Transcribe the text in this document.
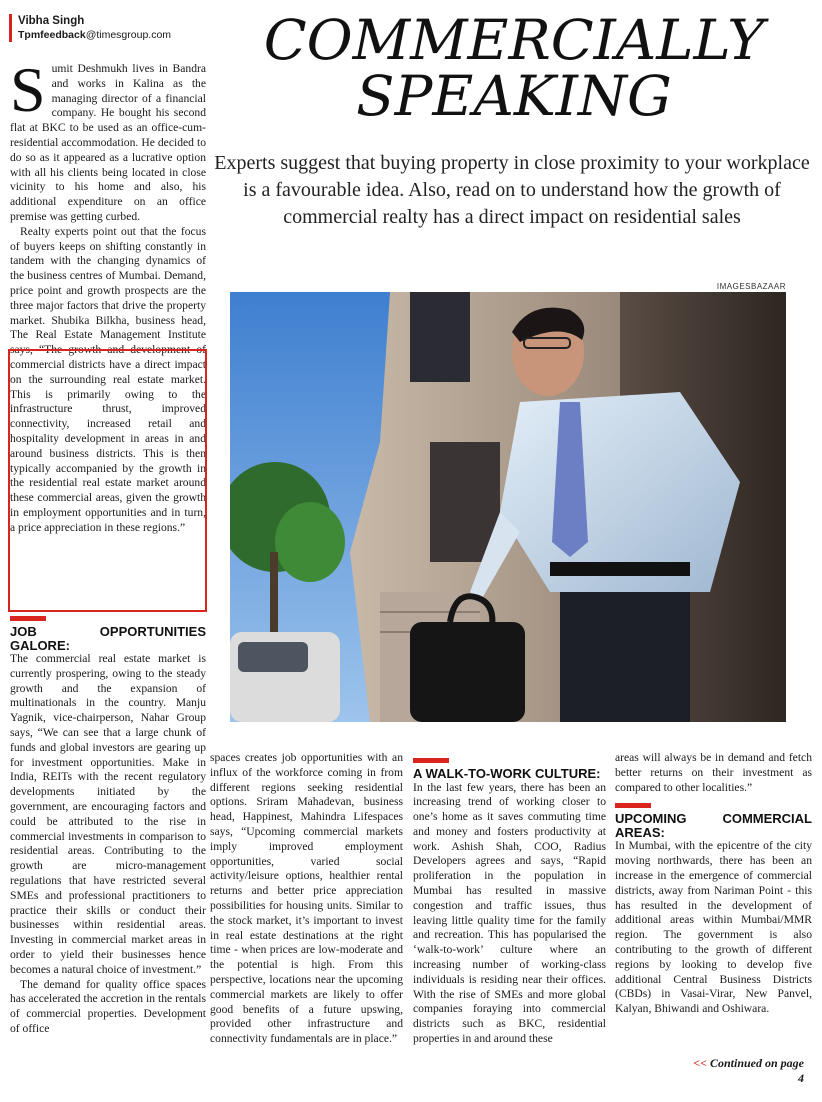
Vibha Singh
Tpmfeedback@timesgroup.com	COMMERCIALLY
SPEAKING
Experts suggest that buying property in close proximity to your workplace is a favourable idea. Also, read on to understand how the growth of commercial realty has a direct impact on residential sales

Sumit Deshmukh lives in Bandra and works in Kalina as the managing director of a financial company. He bought his second flat at BKC to be used as an office-cum-residential accommodation. He decided to do so as it appeared as a lucrative option with all his clients being located in close vicinity to his home and also, his additional expenditure on an office premise was getting curbed.

Realty experts point out that the focus of buyers keeps on shifting constantly in tandem with the changing dynamics of the business centres of Mumbai. Demand, price point and growth prospects are the three major factors that drive the property market. Shubika Bilkha, business head, The Real Estate Management Institute says, “The growth and development of commercial districts have a direct impact on the surrounding real estate market. This is primarily owing to the infrastructure thrust, improved connectivity, increased retail and hospitality development in areas in and around business districts. This is then typically accompanied by the growth in the residential real estate market around these commercial areas, given the growth in employment opportunities and in turn, a price appreciation in these regions.”

JOB OPPORTUNITIES GALORE:

The commercial real estate market is currently prospering, owing to the steady growth and the expansion of multinationals in the country. Manju Yagnik, vice-chairperson, Nahar Group says, “We can see that a large chunk of funds and global investors are gearing up for investment opportunities. Make in India, REITs with the recent regulatory developments initiated by the government, are encouraging factors and could be attributed to the rise in commercial investments in comparison to residential areas. Contributing to the growth are micro-management regulations that have restricted several SMEs and professional practitioners to practice their skills or conduct their businesses within residential areas. Investing in commercial market areas in order to yield their businesses hence becomes a natural choice of investment.”

The demand for quality office spaces has accelerated the accretion in the rentals of commercial properties. Development of office

spaces creates job opportunities with an influx of the workforce coming in from different regions seeking residential options. Sriram Mahadevan, business head, Happinest, Mahindra Lifespaces says, “Upcoming commercial markets imply improved employment opportunities, varied social activity/leisure options, healthier rental returns and better price appreciation possibilities for housing units. Similar to the stock market, it’s important to invest in real estate destinations at the right time - when prices are low-moderate and the potential is high. From this perspective, locations near the upcoming commercial markets are likely to offer good benefits of a future upswing, provided other infrastructure and connectivity fundamentals are in place.”

A WALK-TO-WORK CULTURE:

In the last few years, there has been an increasing trend of working closer to one’s home as it saves commuting time and money and fosters productivity at work. Ashish Shah, COO, Radius Developers agrees and says, “Rapid proliferation in the population in Mumbai has resulted in massive congestion and traffic issues, thus leaving little quality time for the family and recreation. This has popularised the ‘walk-to-work’ culture where an increasing number of working-class individuals is residing near their offices. With the rise of SMEs and more global companies foraying into commercial districts such as BKC, residential properties in and around these

areas will always be in demand and fetch better returns on their investment as compared to other localities.”

UPCOMING COMMERCIAL AREAS:

In Mumbai, with the epicentre of the city moving northwards, there has been an increase in the emergence of commercial districts, away from Nariman Point - this has resulted in the development of additional areas within Mumbai/MMR region. The government is also contributing to the growth of different regions by looking to develop five additional Central Business Districts (CBDs) in Vasai-Virar, New Panvel, Kalyan, Bhiwandi and Oshiwara.

<< Continued on page 4
IMAGESBAZAAR
